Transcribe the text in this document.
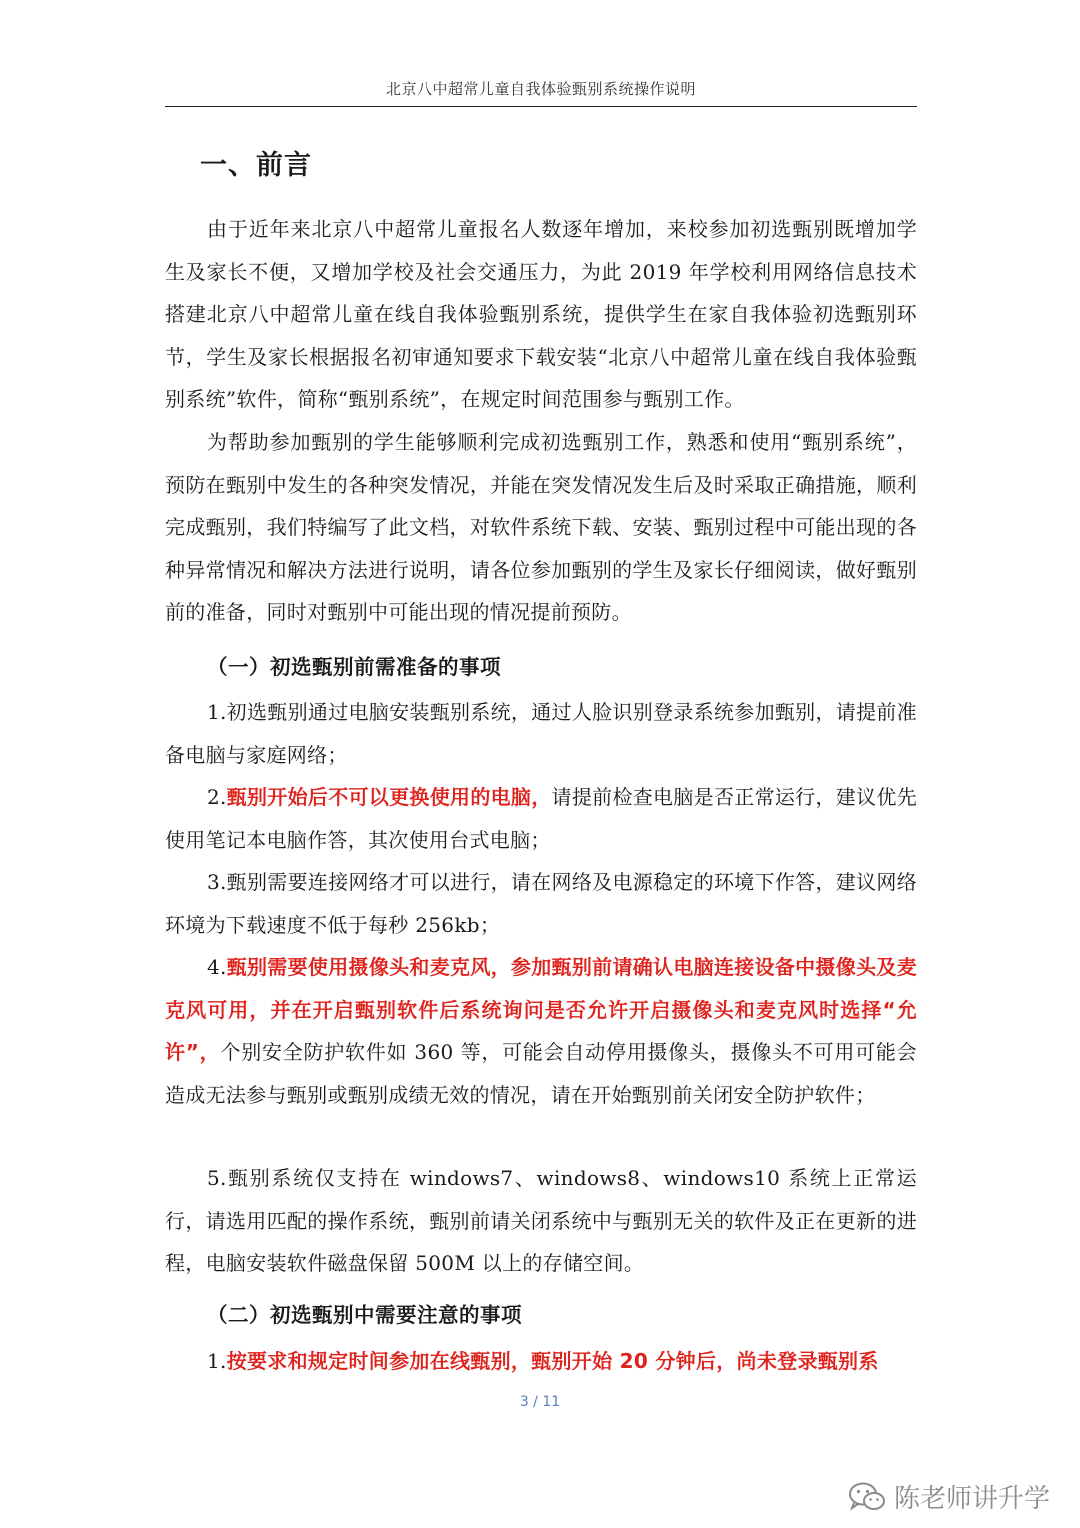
北京八中超常儿童自我体验甄别系统操作说明
一、前言
由于近年来北京八中超常儿童报名人数逐年增加，来校参加初选甄别既增加学生及家长不便，又增加学校及社会交通压力，为此 2019 年学校利用网络信息技术搭建北京八中超常儿童在线自我体验甄别系统，提供学生在家自我体验初选甄别环节，学生及家长根据报名初审通知要求下载安装“北京八中超常儿童在线自我体验甄别系统”软件，简称“甄别系统”，在规定时间范围参与甄别工作。
为帮助参加甄别的学生能够顺利完成初选甄别工作，熟悉和使用“甄别系统”，预防在甄别中发生的各种突发情况，并能在突发情况发生后及时采取正确措施，顺利完成甄别，我们特编写了此文档，对软件系统下载、安装、甄别过程中可能出现的各种异常情况和解决方法进行说明，请各位参加甄别的学生及家长仔细阅读，做好甄别前的准备，同时对甄别中可能出现的情况提前预防。
（一）初选甄别前需准备的事项
1.初选甄别通过电脑安装甄别系统，通过人脸识别登录系统参加甄别，请提前准备电脑与家庭网络；
2.甄别开始后不可以更换使用的电脑，请提前检查电脑是否正常运行，建议优先使用笔记本电脑作答，其次使用台式电脑；
3.甄别需要连接网络才可以进行，请在网络及电源稳定的环境下作答，建议网络环境为下载速度不低于每秒 256kb；
4.甄别需要使用摄像头和麦克风，参加甄别前请确认电脑连接设备中摄像头及麦克风可用，并在开启甄别软件后系统询问是否允许开启摄像头和麦克风时选择“允许”，个别安全防护软件如 360 等，可能会自动停用摄像头，摄像头不可用可能会造成无法参与甄别或甄别成绩无效的情况，请在开始甄别前关闭安全防护软件；
5.甄别系统仅支持在 windows7、windows8、windows10 系统上正常运行，请选用匹配的操作系统，甄别前请关闭系统中与甄别无关的软件及正在更新的进程，电脑安装软件磁盘保留 500M 以上的存储空间。
（二）初选甄别中需要注意的事项
1.按要求和规定时间参加在线甄别，甄别开始 20 分钟后，尚未登录甄别系
3 / 11
陈老师讲升学
